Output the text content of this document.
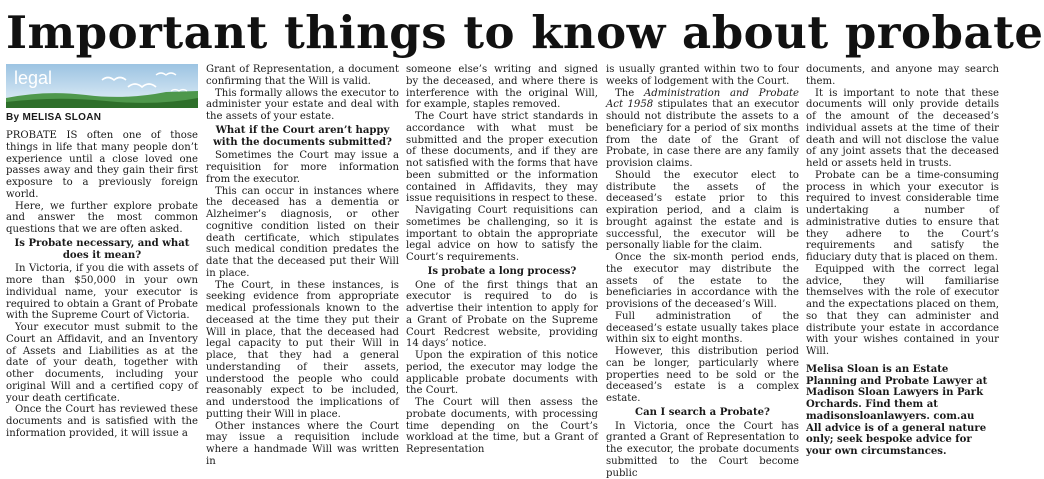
Important things to know about probate
legal
By MELISA SLOAN

PROBATE IS often one of those things in life that many people don’t experience until a close loved one passes away and they gain their first exposure to a previously foreign world.

Here, we further explore probate and answer the most common questions that we are often asked.

Is Probate necessary, and what does it mean?

In Victoria, if you die with assets of more than $50,000 in your own individual name, your executor is required to obtain a Grant of Probate with the Supreme Court of Victoria.

Your executor must submit to the Court an Affidavit, and an Inventory of Assets and Liabilities as at the date of your death, together with other documents, including your original Will and a certified copy of your death certificate.

Once the Court has reviewed these documents and is satisfied with the information provided, it will issue a

Grant of Representation, a document confirming that the Will is valid.

This formally allows the executor to administer your estate and deal with the assets of your estate.

What if the Court aren’t happy with the documents submitted?

Sometimes the Court may issue a requisition for more information from the executor.

This can occur in instances where the deceased has a dementia or Alzheimer’s diagnosis, or other cognitive condition listed on their death certificate, which stipulates such medical condition predates the date that the deceased put their Will in place.

The Court, in these instances, is seeking evidence from appropriate medical professionals known to the deceased at the time they put their Will in place, that the deceased had legal capacity to put their Will in place, that they had a general understanding of their assets, understood the people who could reasonably expect to be included, and understood the implications of putting their Will in place.

Other instances where the Court may issue a requisition include where a handmade Will was written in

someone else’s writing and signed by the deceased, and where there is interference with the original Will, for example, staples removed.

The Court have strict standards in accordance with what must be submitted and the proper execution of these documents, and if they are not satisfied with the forms that have been submitted or the information contained in Affidavits, they may issue requisitions in respect to these.

Navigating Court requisitions can sometimes be challenging, so it is important to obtain the appropriate legal advice on how to satisfy the Court’s requirements.

Is probate a long process?

One of the first things that an executor is required to do is advertise their intention to apply for a Grant of Probate on the Supreme Court Redcrest website, providing 14 days’ notice.

Upon the expiration of this notice period, the executor may lodge the applicable probate documents with the Court.

The Court will then assess the probate documents, with processing time depending on the Court’s workload at the time, but a Grant of Representation

is usually granted within two to four weeks of lodgement with the Court.

The Administration and Probate Act 1958 stipulates that an executor should not distribute the assets to a beneficiary for a period of six months from the date of the Grant of Probate, in case there are any family provision claims.

Should the executor elect to distribute the assets of the deceased’s estate prior to this expiration period, and a claim is brought against the estate and is successful, the executor will be personally liable for the claim.

Once the six-month period ends, the executor may distribute the assets of the estate to the beneficiaries in accordance with the provisions of the deceased’s Will.

Full administration of the deceased’s estate usually takes place within six to eight months.

However, this distribution period can be longer, particularly where properties need to be sold or the deceased’s estate is a complex estate.

Can I search a Probate?

In Victoria, once the Court has granted a Grant of Representation to the executor, the probate documents submitted to the Court become public

documents, and anyone may search them.

It is important to note that these documents will only provide details of the amount of the deceased’s individual assets at the time of their death and will not disclose the value of any joint assets that the deceased held or assets held in trusts.

Probate can be a time-consuming process in which your executor is required to invest considerable time undertaking a number of administrative duties to ensure that they adhere to the Court’s requirements and satisfy the fiduciary duty that is placed on them.

Equipped with the correct legal advice, they will familiarise themselves with the role of executor and the expectations placed on them, so that they can administer and distribute your estate in accordance with your wishes contained in your Will.

Melisa Sloan is an Estate Planning and Probate Lawyer at Madison Sloan Lawyers in Park Orchards. Find them at madisonsloanlawyers. com.au

All advice is of a general nature only; seek bespoke advice for your own circumstances.
